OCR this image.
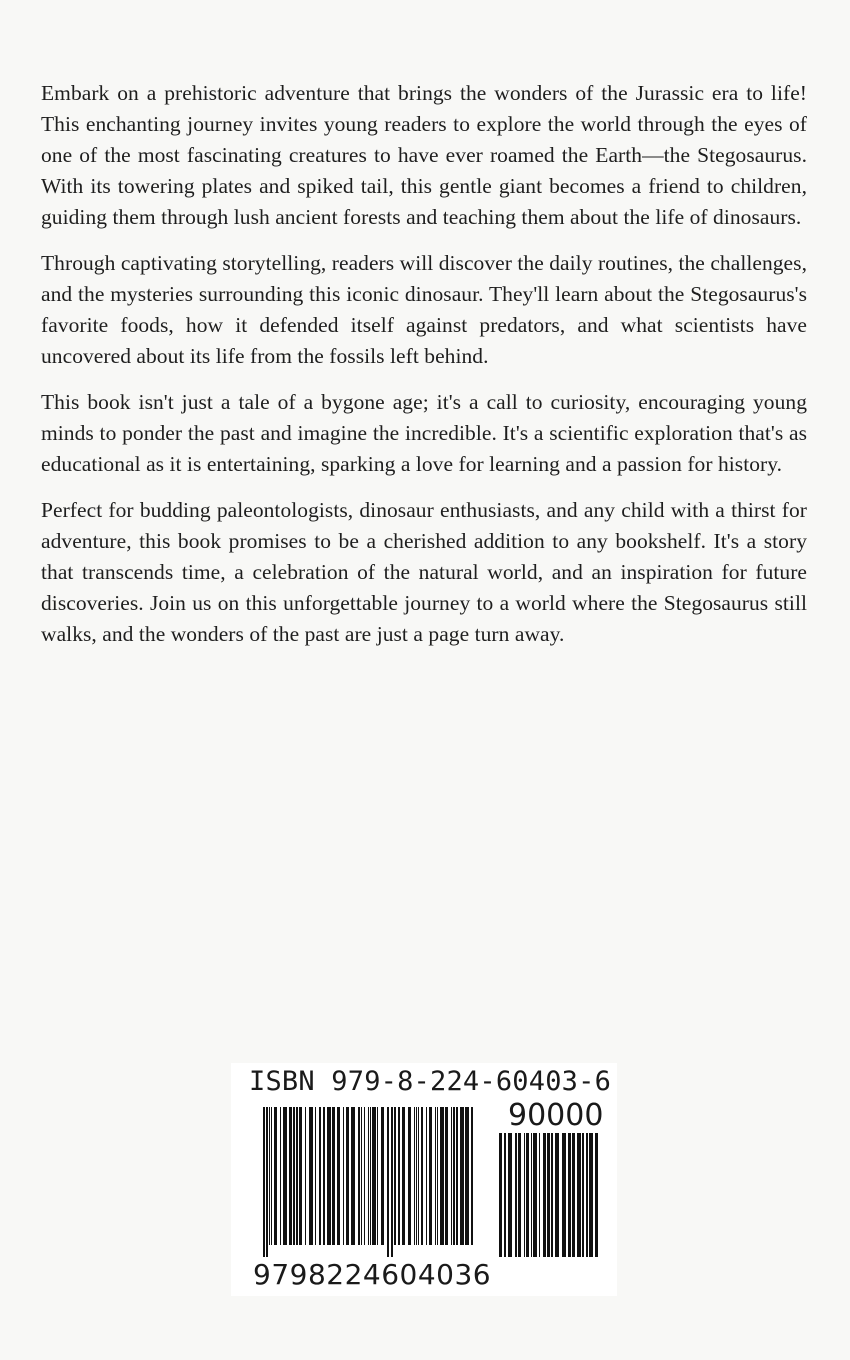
Embark on a prehistoric adventure that brings the wonders of the Jurassic era to life! This enchanting journey invites young readers to explore the world through the eyes of one of the most fascinating creatures to have ever roamed the Earth—the Stegosaurus. With its towering plates and spiked tail, this gentle giant becomes a friend to children, guiding them through lush ancient forests and teaching them about the life of dinosaurs.

Through captivating storytelling, readers will discover the daily routines, the challenges, and the mysteries surrounding this iconic dinosaur. They'll learn about the Stegosaurus's favorite foods, how it defended itself against predators, and what scientists have uncovered about its life from the fossils left behind.

This book isn't just a tale of a bygone age; it's a call to curiosity, encouraging young minds to ponder the past and imagine the incredible. It's a scientific exploration that's as educational as it is entertaining, sparking a love for learning and a passion for history.

Perfect for budding paleontologists, dinosaur enthusiasts, and any child with a thirst for adventure, this book promises to be a cherished addition to any bookshelf. It's a story that transcends time, a celebration of the natural world, and an inspiration for future discoveries. Join us on this unforgettable journey to a world where the Stegosaurus still walks, and the wonders of the past are just a page turn away.

ISBN 979-8-224-60403-6
90000
9798224604036
